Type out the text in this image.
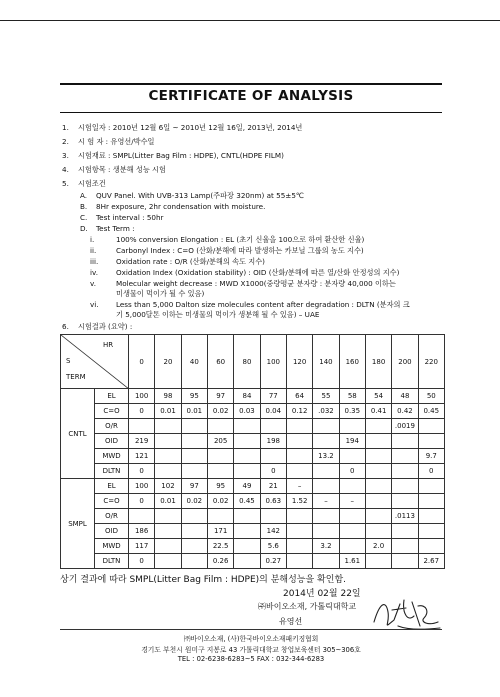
CERTIFICATE OF ANALYSIS
1. 시험일자 : 2010년 12월 6일 ~ 2010년 12월 16일, 2013년, 2014년
2. 시 험 자 : 유영선/박수일
3. 시험재료 : SMPL(Litter Bag Film : HDPE), CNTL(HDPE FILM)
4. 시험항목 : 생분해 성능 시험
5. 시험조건
A. QUV Panel. With UVB-313 Lamp(주파장 320nm) at 55±5℃
B. 8Hr exposure, 2hr condensation with moisture.
C. Test interval : 50hr
D. Test Term :
i.	100% conversion Elongation : EL (초기 신율을 100으로 하여 환산한 신율)
ii.	Carbonyl Index : C=O (산화/분해에 따라 발생하는 카보닐 그룹의 농도 지수)
iii. Oxidation rate : O/R (산화/분해의 속도 지수)
iv.	Oxidation Index (Oxidation stability) : OID (산화/분해에 따른 열/산화 안정성의 지수)
v.	Molecular weight decrease : MWD X1000(중량평균 분자량 : 분자량 40,000 이하는
미생물이 먹이가 될 수 있음)
vi. Less than 5,000 Dalton size molecules content after degradation : DLTN (분자의 크
기 5,000달톤 이하는 미생물의 먹이가 생분해 될 수 있음) – UAE
6. 시험결과 (요약) :
HR
S
TERM		0	20	40	60	80	100	120	140	160	180	200	220
CNTL	EL	100	98	95	97	84	77	64	55	58	54	48	50
	C=O	0	0.01	0.01	0.02	0.03	0.04	0.12	.032	0.35	0.41	0.42	0.45
	O/R											.0019	
	OID	219			205		198			194			
	MWD	121							13.2				9.7
	DLTN	0					0			0			0
SMPL	EL	100	102	97	95	49	21	–					
	C=O	0	0.01	0.02	0.02	0.45	0.63	1.52	–	–			
	O/R											.0113	
	OID	186			171		142						
	MWD	117			22.5		5.6		3.2		2.0		
	DLTN	0			0.26		0.27			1.61			2.67
상기 결과에 따라 SMPL(Litter Bag Film : HDPE)의 분해성능을 확인함.
2014년 02월 22일
㈜바이오소재, 가톨릭대학교
유영선
㈜바이오소재, (사)한국바이오소재패키징협회
경기도 부천시 원미구 지봉로 43 가톨릭대학교 창업보육센터 305~306호
TEL : 02-6238-6283~5 FAX : 032-344-6283
